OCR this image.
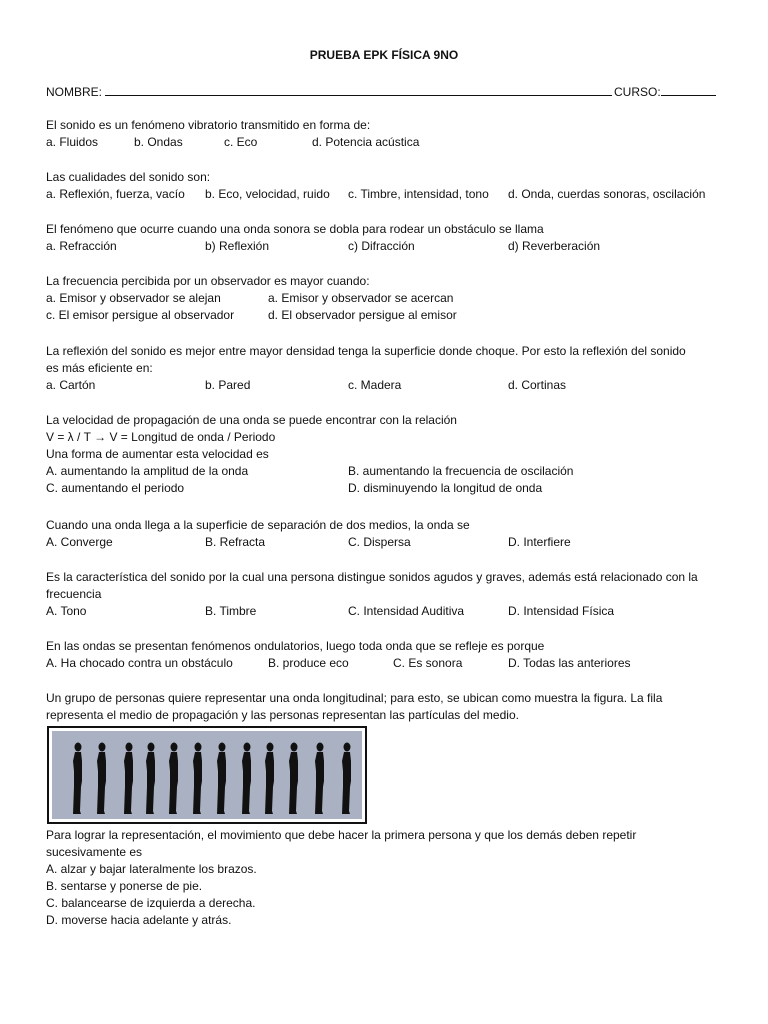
PRUEBA EPK FÍSICA 9NO
NOMBRE:	CURSO:

El sonido es un fenómeno vibratorio transmitido en forma de:

a. Fluidos	b. Ondas	c. Eco	d. Potencia acústica

Las cualidades del sonido son:

a. Reflexión, fuerza, vacío b. Eco, velocidad, ruido c. Timbre, intensidad, tono d. Onda, cuerdas sonoras, oscilación

El fenómeno que ocurre cuando una onda sonora se dobla para rodear un obstáculo se llama

a. Refracción	b) Reflexión	c) Difracción	d) Reverberación

La frecuencia percibida por un observador es mayor cuando:

a. Emisor y observador se alejan	a. Emisor y observador se acercan
c. El emisor persigue al observador	d. El observador persigue al emisor

La reflexión del sonido es mejor entre mayor densidad tenga la superficie donde choque. Por esto la reflexión del sonido

es más eficiente en:

a. Cartón	b. Pared	c. Madera	d. Cortinas

La velocidad de propagación de una onda se puede encontrar con la relación

V = λ / T → V = Longitud de onda / Periodo

Una forma de aumentar esta velocidad es

A. aumentando la amplitud de la onda	B. aumentando la frecuencia de oscilación
C. aumentando el periodo	D. disminuyendo la longitud de onda

Cuando una onda llega a la superficie de separación de dos medios, la onda se

A. Converge	B. Refracta	C. Dispersa	D. Interfiere

Es la característica del sonido por la cual una persona distingue sonidos agudos y graves, además está relacionado con la

frecuencia

A. Tono	B. Timbre	C. Intensidad Auditiva	D. Intensidad Física

En las ondas se presentan fenómenos ondulatorios, luego toda onda que se refleje es porque

A. Ha chocado contra un obstáculo	B. produce eco	C. Es sonora	D. Todas las anteriores

Un grupo de personas quiere representar una onda longitudinal; para esto, se ubican como muestra la figura. La fila

representa el medio de propagación y las personas representan las partículas del medio.

Para lograr la representación, el movimiento que debe hacer la primera persona y que los demás deben repetir

sucesivamente es

A. alzar y bajar lateralmente los brazos.

B. sentarse y ponerse de pie.

C. balancearse de izquierda a derecha.

D. moverse hacia adelante y atrás.
